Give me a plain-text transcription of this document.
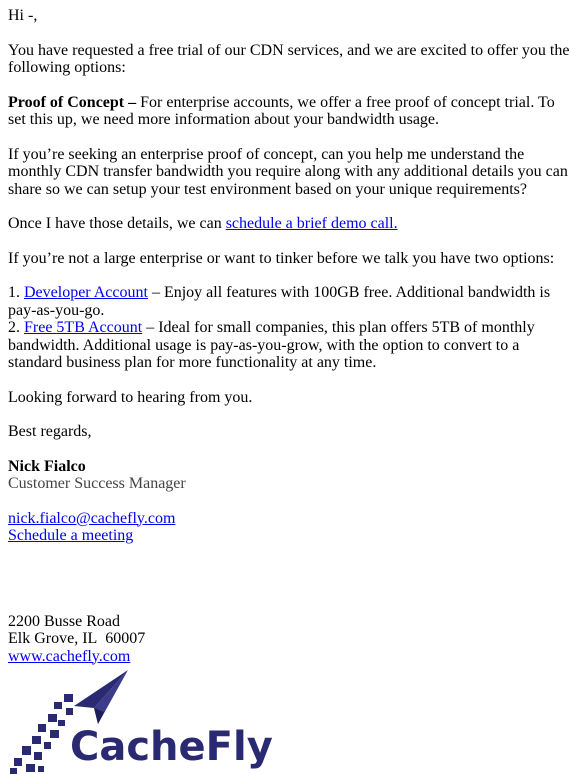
Hi -,

You have requested a free trial of our CDN services, and we are excited to offer you the following options:

Proof of Concept – For enterprise accounts, we offer a free proof of concept trial. To set this up, we need more information about your bandwidth usage.

If you’re seeking an enterprise proof of concept, can you help me understand the monthly CDN transfer bandwidth you require along with any additional details you can share so we can setup your test environment based on your unique requirements?

Once I have those details, we can schedule a brief demo call.

If you’re not a large enterprise or want to tinker before we talk you have two options:

1. Developer Account – Enjoy all features with 100GB free. Additional bandwidth is pay-as-you-go.

2. Free 5TB Account – Ideal for small companies, this plan offers 5TB of monthly bandwidth. Additional usage is pay-as-you-grow, with the option to convert to a standard business plan for more functionality at any time.

Looking forward to hearing from you.

Best regards,

Nick Fialco

Customer Success Manager

nick.fialco@cachefly.com

Schedule a meeting

2200 Busse Road

Elk Grove, IL  60007

www.cachefly.com

CacheFly
